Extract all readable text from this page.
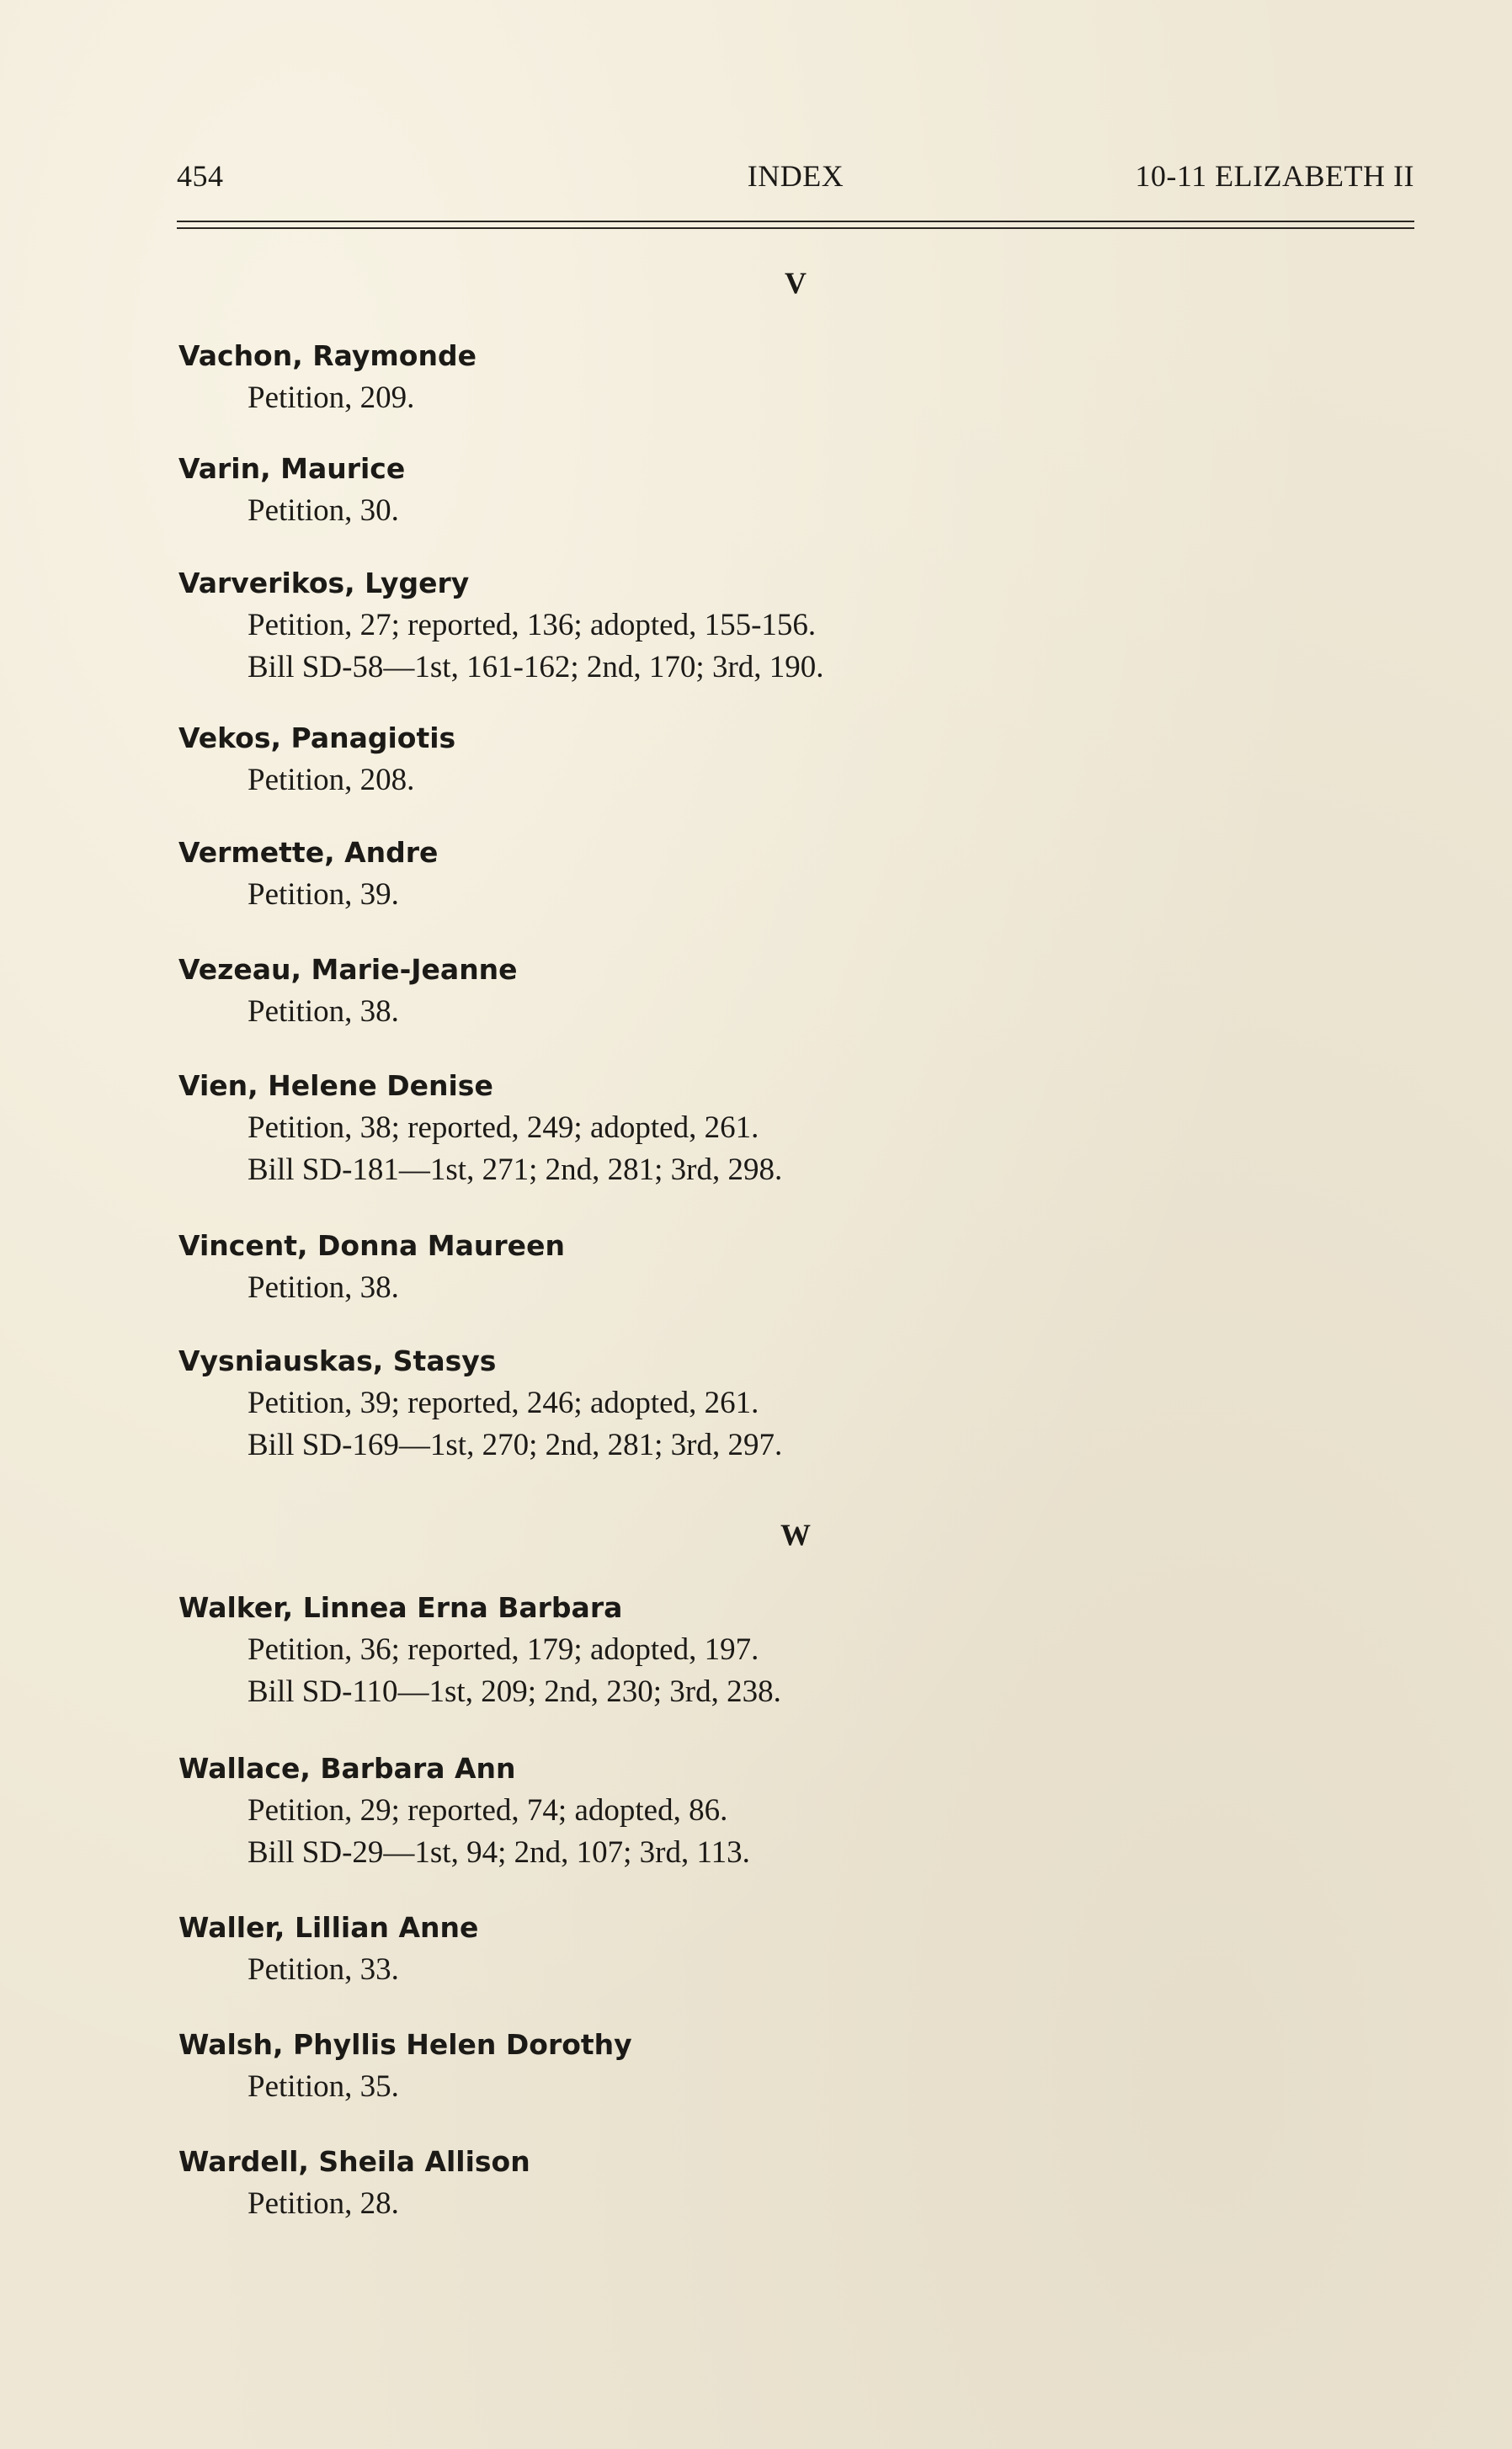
454	INDEX	10-11 ELIZABETH II
V
Vachon, Raymonde
Petition, 209.
Varin, Maurice
Petition, 30.
Varverikos, Lygery
Petition, 27; reported, 136; adopted, 155-156.
Bill SD-58—1st, 161-162; 2nd, 170; 3rd, 190.
Vekos, Panagiotis
Petition, 208.
Vermette, Andre
Petition, 39.
Vezeau, Marie-Jeanne
Petition, 38.
Vien, Helene Denise
Petition, 38; reported, 249; adopted, 261.
Bill SD-181—1st, 271; 2nd, 281; 3rd, 298.
Vincent, Donna Maureen
Petition, 38.
Vysniauskas, Stasys
Petition, 39; reported, 246; adopted, 261.
Bill SD-169—1st, 270; 2nd, 281; 3rd, 297.
Walker, Linnea Erna Barbara
Petition, 36; reported, 179; adopted, 197.
Bill SD-110—1st, 209; 2nd, 230; 3rd, 238.
Wallace, Barbara Ann
Petition, 29; reported, 74; adopted, 86.
Bill SD-29—1st, 94; 2nd, 107; 3rd, 113.
Waller, Lillian Anne
Petition, 33.
Walsh, Phyllis Helen Dorothy
Petition, 35.
Wardell, Sheila Allison
Petition, 28.
W
